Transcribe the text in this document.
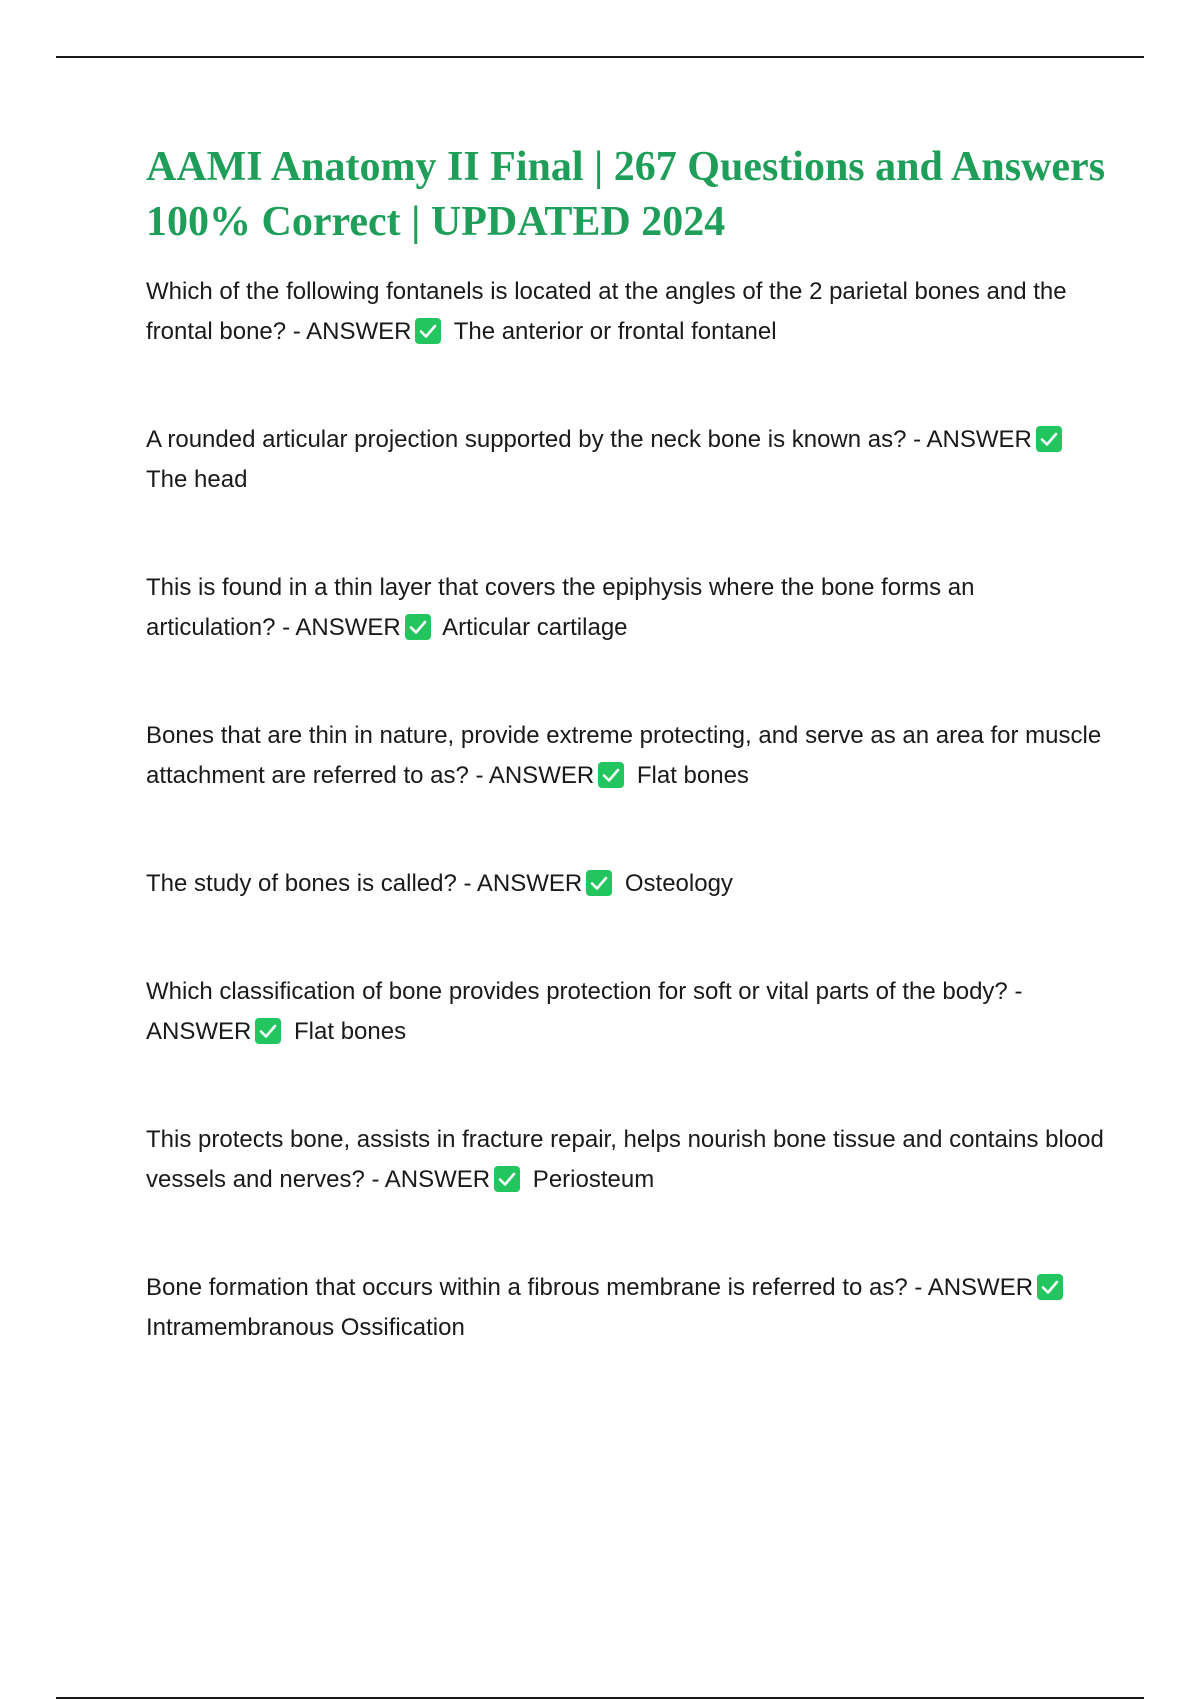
AAMI Anatomy II Final | 267 Questions and Answers 100% Correct | UPDATED 2024
Which of the following fontanels is located at the angles of the 2 parietal bones and the frontal bone? - ANSWER
The anterior or frontal fontanel
A rounded articular projection supported by the neck bone is known as? - ANSWER
The head
This is found in a thin layer that covers the epiphysis where the bone forms an articulation? - ANSWER
Articular cartilage
Bones that are thin in nature, provide extreme protecting, and serve as an area for muscle attachment are referred to as? - ANSWER
Flat bones
The study of bones is called? - ANSWER
Osteology
Which classification of bone provides protection for soft or vital parts of the body? - ANSWER
Flat bones
This protects bone, assists in fracture repair, helps nourish bone tissue and contains blood vessels and nerves? - ANSWER
Periosteum
Bone formation that occurs within a fibrous membrane is referred to as? - ANSWER
Intramembranous Ossification
